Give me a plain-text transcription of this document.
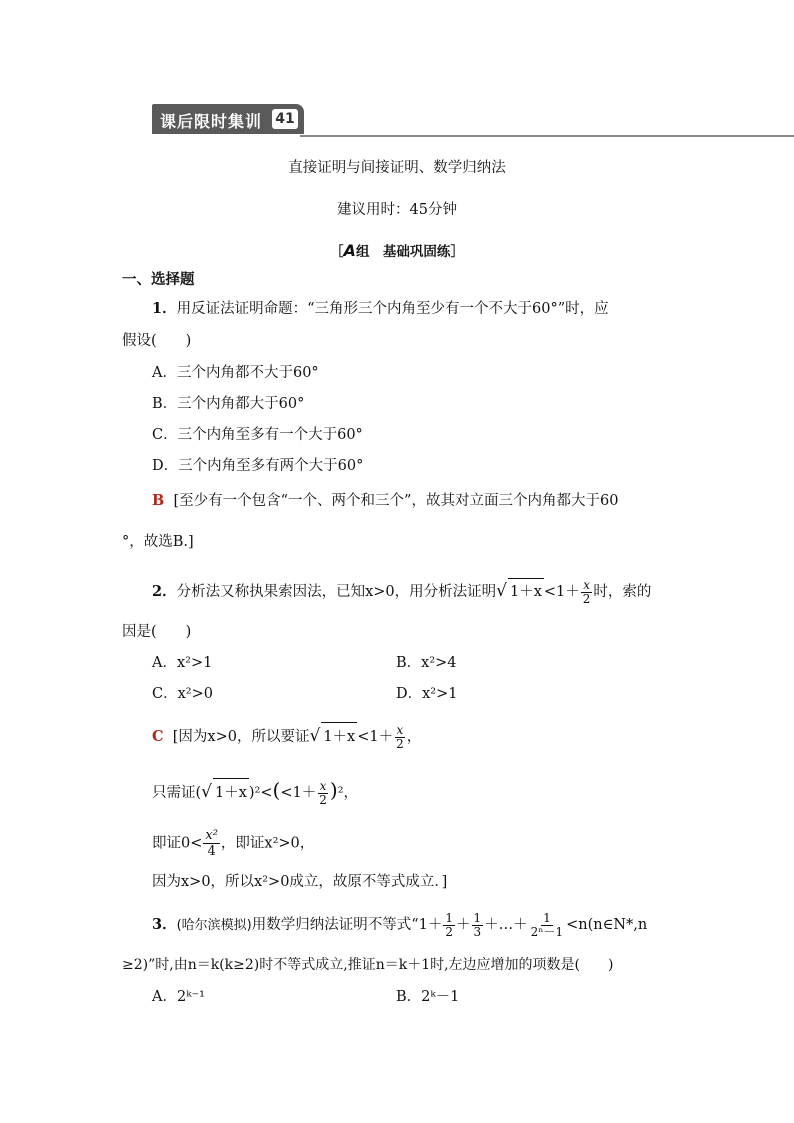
课后限时集训 41
直接证明与间接证明、数学归纳法
建议用时：45分钟
［A组　基础巩固练］
一、选择题
1．用反证法证明命题：“三角形三个内角至少有一个不大于60°”时，应
假设(　　)
A．三个内角都不大于60°
B．三个内角都大于60°
C．三个内角至多有一个大于60°
D．三个内角至多有两个大于60°
B [至少有一个包含“一个、两个和三个”，故其对立面三个内角都大于60
°，故选B.]
2．分析法又称执果索因法，已知x>0，用分析法证明√ $1+x <1+ \frac{x}{2}$ 时，索的
因是(　　)
A．x²>1	B．x²>4
C．x²>0	D．x²>1
C [因为x>0，所以要证√ $1+x <1+ \frac{x}{2}$ ，
只需证(√ 1＋x )$^2<(<1+ \frac{x}{2} )^2$，
即证$0< \frac{\text{x²}}{4}$ ，即证x²>0，
因为x>0，所以x²>0成立，故原不等式成立．]
3．(哈尔滨模拟)用数学归纳法证明不等式“$1+ \frac{1}{2} + \frac{1}{3}$ ＋…＋ $\frac{1}{\text{2ⁿ－1}}$ <n(n∈N*,n
≥2)”时,由n＝k(k≥2)时不等式成立,推证n＝k＋1时,左边应增加的项数是(　　)
A．2ᵏ⁻¹	B．2ᵏ－1
